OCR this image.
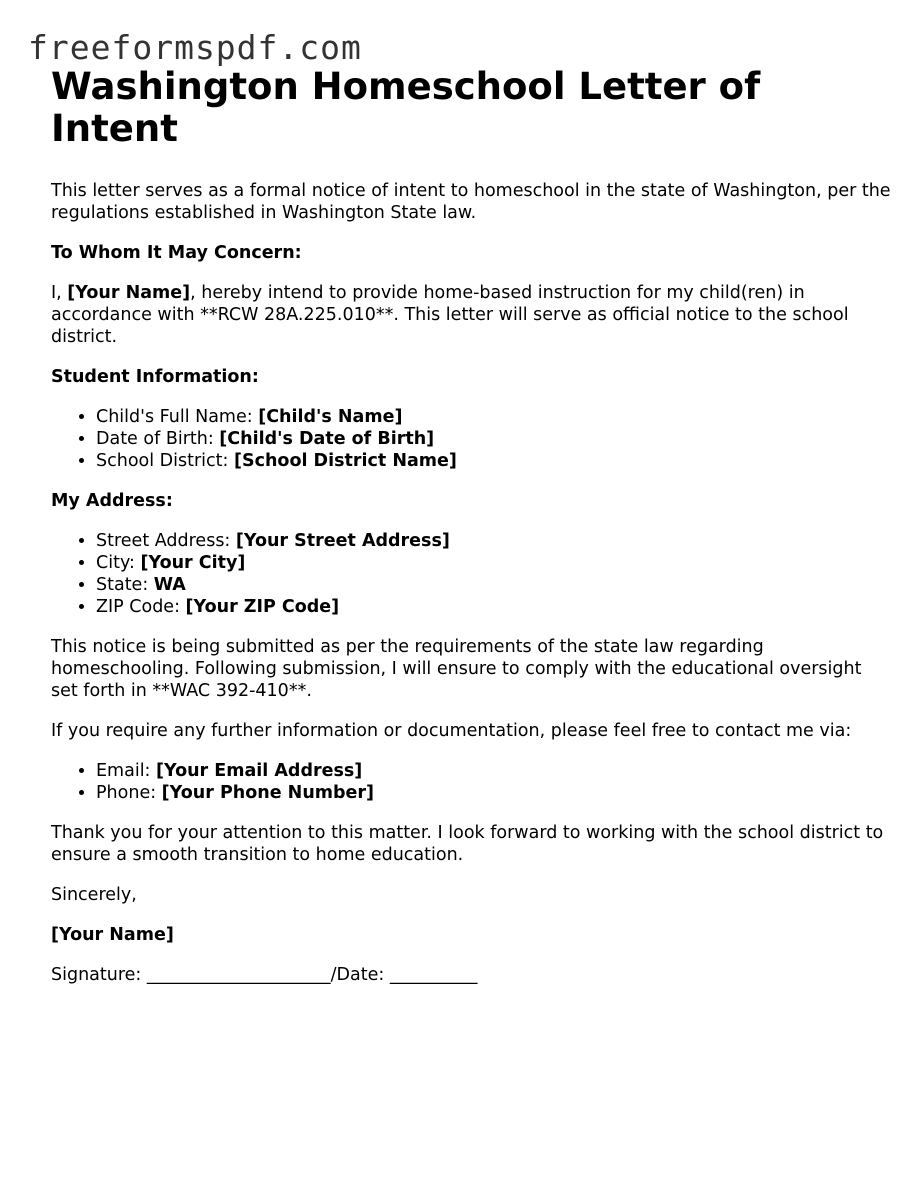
freeformspdf.com
Washington Homeschool Letter of Intent

This letter serves as a formal notice of intent to homeschool in the state of Washington, per the regulations established in Washington State law.

To Whom It May Concern:

I, [Your Name], hereby intend to provide home-based instruction for my child(ren) in accordance with **RCW 28A.225.010**. This letter will serve as official notice to the school district.

Student Information:

• Child's Full Name: [Child's Name]
• Date of Birth: [Child's Date of Birth]
• School District: [School District Name]

My Address:

• Street Address: [Your Street Address]
• City: [Your City]
• State: WA
• ZIP Code: [Your ZIP Code]

This notice is being submitted as per the requirements of the state law regarding homeschooling. Following submission, I will ensure to comply with the educational oversight set forth in **WAC 392-410**.

If you require any further information or documentation, please feel free to contact me via:

• Email: [Your Email Address]
• Phone: [Your Phone Number]

Thank you for your attention to this matter. I look forward to working with the school district to ensure a smooth transition to home education.

Sincerely,

[Your Name]

Signature: _____________________/Date: __________
